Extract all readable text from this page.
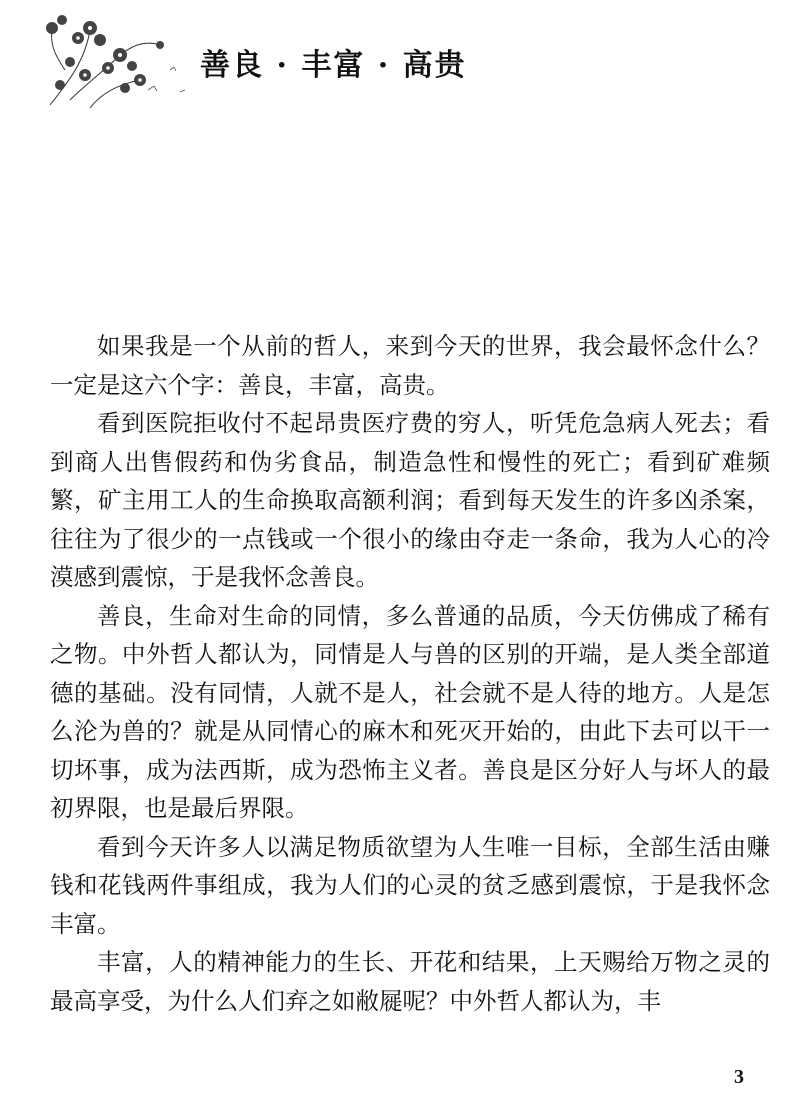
善良 · 丰富 · 高贵

如果我是一个从前的哲人，来到今天的世界，我会最怀念什么？一定是这六个字：善良，丰富，高贵。

看到医院拒收付不起昂贵医疗费的穷人，听凭危急病人死去；看到商人出售假药和伪劣食品，制造急性和慢性的死亡；看到矿难频繁，矿主用工人的生命换取高额利润；看到每天发生的许多凶杀案，往往为了很少的一点钱或一个很小的缘由夺走一条命，我为人心的冷漠感到震惊，于是我怀念善良。

善良，生命对生命的同情，多么普通的品质，今天仿佛成了稀有之物。中外哲人都认为，同情是人与兽的区别的开端，是人类全部道德的基础。没有同情，人就不是人，社会就不是人待的地方。人是怎么沦为兽的？就是从同情心的麻木和死灭开始的，由此下去可以干一切坏事，成为法西斯，成为恐怖主义者。善良是区分好人与坏人的最初界限，也是最后界限。

看到今天许多人以满足物质欲望为人生唯一目标，全部生活由赚钱和花钱两件事组成，我为人们的心灵的贫乏感到震惊，于是我怀念丰富。

丰富，人的精神能力的生长、开花和结果，上天赐给万物之灵的最高享受，为什么人们弃之如敝屣呢？中外哲人都认为，丰

3
